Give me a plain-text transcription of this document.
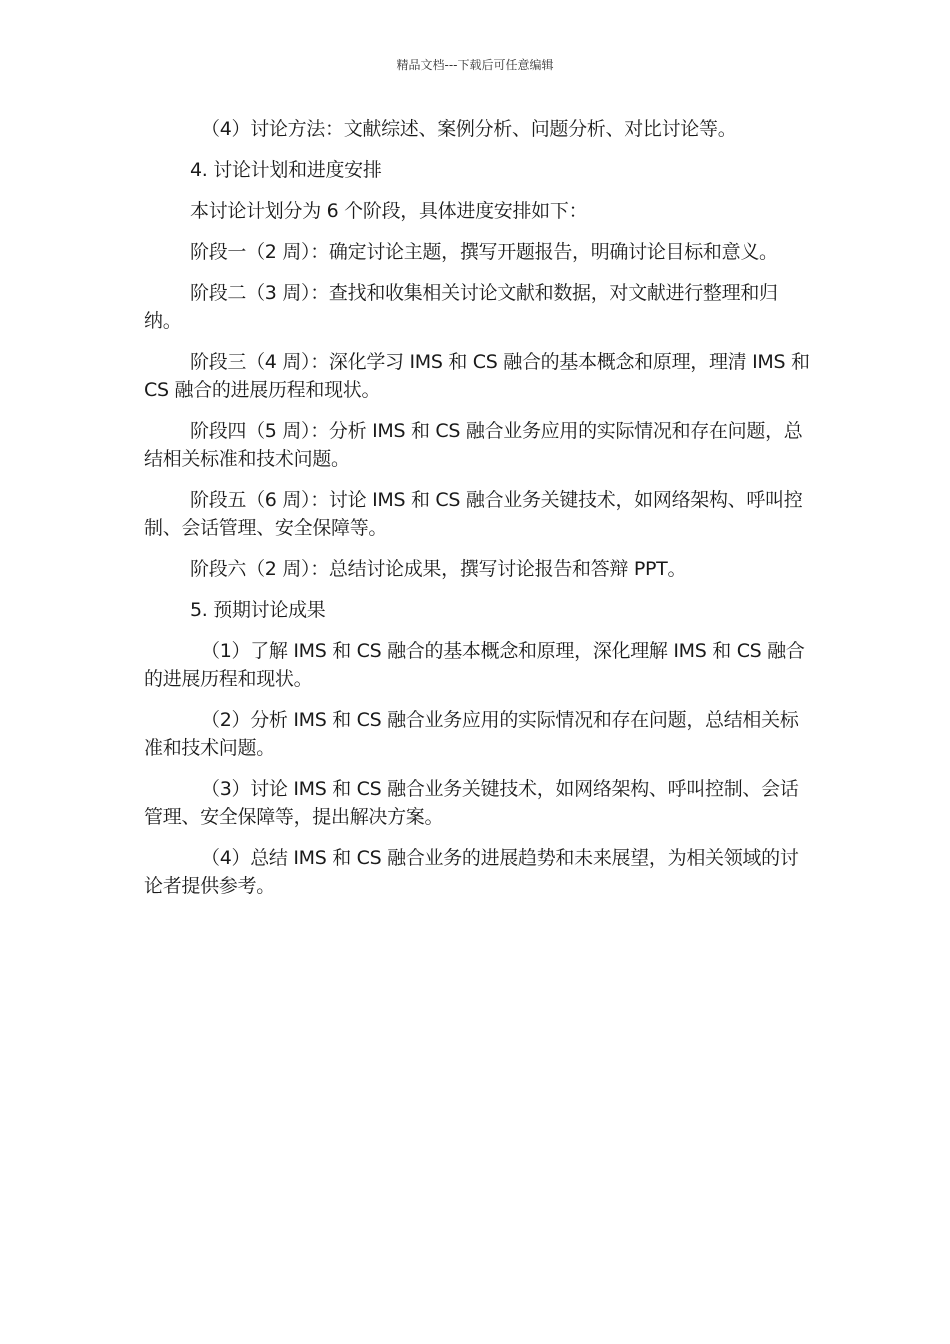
精品文档---下载后可任意编辑

（4）讨论方法：文献综述、案例分析、问题分析、对比讨论等。

4. 讨论计划和进度安排

本讨论计划分为 6 个阶段，具体进度安排如下：

阶段一（2 周）：确定讨论主题，撰写开题报告，明确讨论目标和意义。

阶段二（3 周）：查找和收集相关讨论文献和数据，对文献进行整理和归纳。

阶段三（4 周）：深化学习 IMS 和 CS 融合的基本概念和原理，理清 IMS 和 CS 融合的进展历程和现状。

阶段四（5 周）：分析 IMS 和 CS 融合业务应用的实际情况和存在问题，总结相关标准和技术问题。

阶段五（6 周）：讨论 IMS 和 CS 融合业务关键技术，如网络架构、呼叫控制、会话管理、安全保障等。

阶段六（2 周）：总结讨论成果，撰写讨论报告和答辩 PPT。

5. 预期讨论成果

（1）了解 IMS 和 CS 融合的基本概念和原理，深化理解 IMS 和 CS 融合的进展历程和现状。

（2）分析 IMS 和 CS 融合业务应用的实际情况和存在问题，总结相关标准和技术问题。

（3）讨论 IMS 和 CS 融合业务关键技术，如网络架构、呼叫控制、会话管理、安全保障等，提出解决方案。

（4）总结 IMS 和 CS 融合业务的进展趋势和未来展望，为相关领域的讨论者提供参考。
